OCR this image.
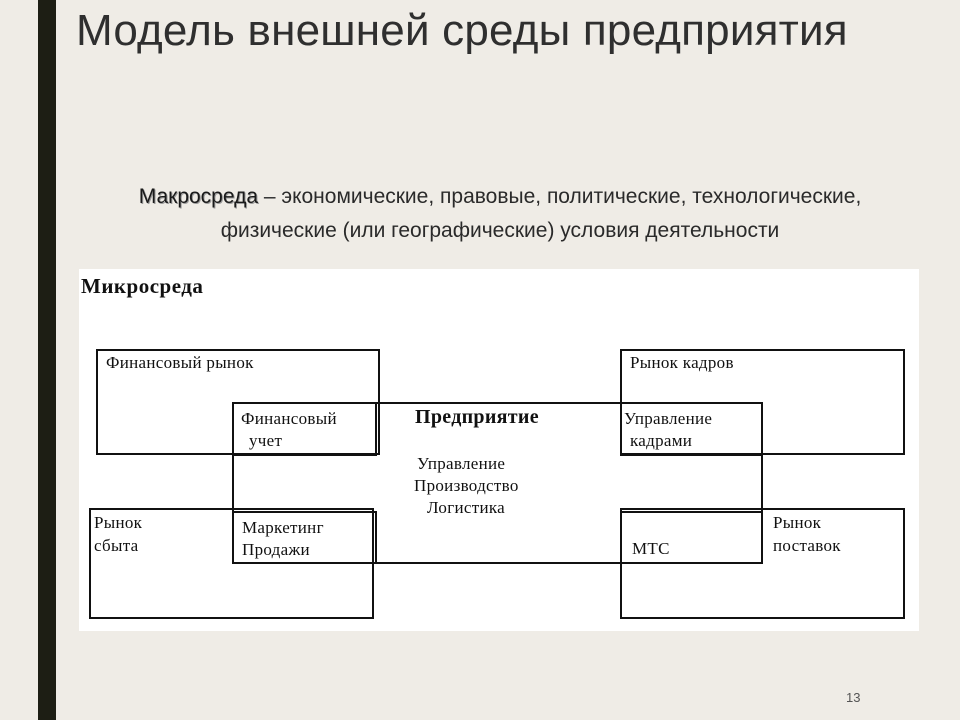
Модель внешней среды предприятия
Макросреда – экономические, правовые, политические, технологические,
физические (или географические) условия деятельности
Микросреда
Финансовый рынок	Рынок кадров
Рынок
сбыта
Рынок
поставок
Финансовый
учет
Управление
кадрами
Маркетинг
Продажи	МТС
Предприятие
Управление
Производство
Логистика
13
